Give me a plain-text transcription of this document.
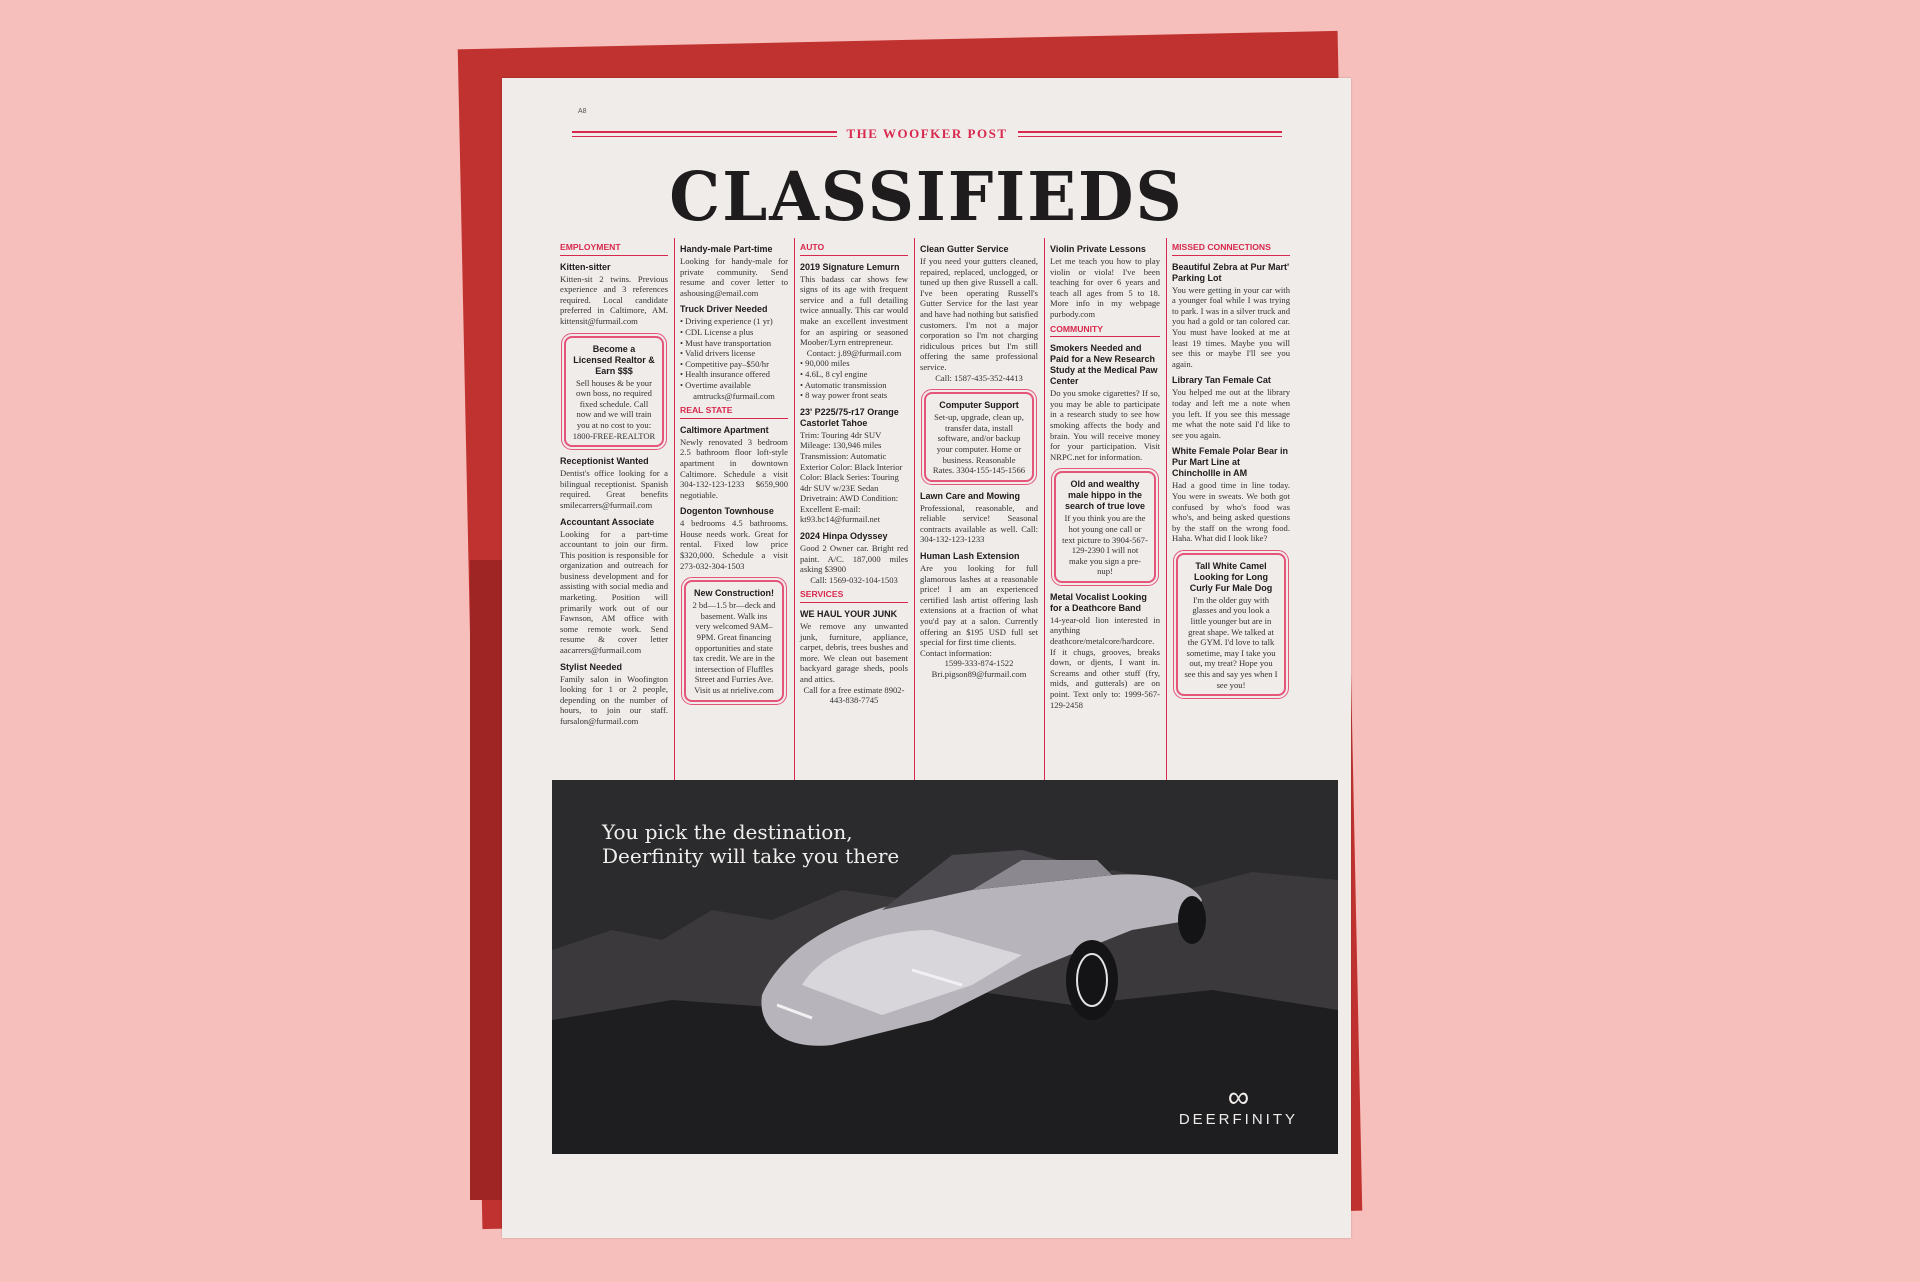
A8
THE WOOFKER POST
CLASSIFIEDS
EMPLOYMENT
Kitten-sitter
Kitten-sit 2 twins. Previous experience and 3 references required. Local candidate preferred in Caltimore, AM. kittensit@furmail.com
Become a Licensed Realtor & Earn $$$
Sell houses & be your own boss, no required fixed schedule. Call now and we will train you at no cost to you: 1800-FREE-REALTOR
Receptionist Wanted
Dentist's office looking for a bilingual receptionist. Spanish required. Great benefits smilecarrers@furmail.com
Accountant Associate
Looking for a part-time accountant to join our firm. This position is responsible for organization and outreach for business development and for assisting with social media and marketing. Position will primarily work out of our Fawnson, AM office with some remote work. Send resume & cover letter aacarrers@furmail.com
Stylist Needed
Family salon in Woofington looking for 1 or 2 people, depending on the number of hours, to join our staff. fursalon@furmail.com
Handy-male Part-time
Looking for handy-male for private community. Send resume and cover letter to ashousing@email.com
Truck Driver Needed
• Driving experience (1 yr)
• CDL License a plus
• Must have transportation
• Valid drivers license
• Competitive pay–$50/hr
• Health insurance offered
• Overtime available
amtrucks@furmail.com
REAL STATE
Caltimore Apartment
Newly renovated 3 bedroom 2.5 bathroom floor loft-style apartment in downtown Caltimore. Schedule a visit 304-132-123-1233 $659,900 negotiable.
Dogenton Townhouse
4 bedrooms 4.5 bathrooms. House needs work. Great for rental. Fixed low price $320,000. Schedule a visit 273-032-304-1503
New Construction!
2 bd—1.5 br—deck and basement. Walk ins very welcomed 9AM–9PM. Great financing opportunities and state tax credit. We are in the intersection of Fluffles Street and Furries Ave. Visit us at nrielive.com
AUTO
2019 Signature Lemurn
This badass car shows few signs of its age with frequent service and a full detailing twice annually. This car would make an excellent investment for an aspiring or seasoned Moober/Lyrn entrepreneur.
Contact: j.89@furmail.com
• 90,000 miles
• 4.6L, 8 cyl engine
• Automatic transmission
• 8 way power front seats
23' P225/75-r17 Orange Castorlet Tahoe
Trim: Touring 4dr SUV Mileage: 130,946 miles Transmission: Automatic Exterior Color: Black Interior Color: Black Series: Touring 4dr SUV w/23E Sedan Drivetrain: AWD Condition: Excellent E-mail: kt93.bc14@furmail.net
2024 Hinpa Odyssey
Good 2 Owner car. Bright red paint. A/C. 187,000 miles asking $3900
Call: 1569-032-104-1503
SERVICES
WE HAUL YOUR JUNK
We remove any unwanted junk, furniture, appliance, carpet, debris, trees bushes and more. We clean out basement backyard garage sheds, pools and attics.
Call for a free estimate 8902-443-838-7745
Clean Gutter Service
If you need your gutters cleaned, repaired, replaced, unclogged, or tuned up then give Russell a call. I've been operating Russell's Gutter Service for the last year and have had nothing but satisfied customers. I'm not a major corporation so I'm not charging ridiculous prices but I'm still offering the same professional service.
Call: 1587-435-352-4413
Computer Support
Set-up, upgrade, clean up, transfer data, install software, and/or backup your computer. Home or business. Reasonable Rates. 3304-155-145-1566
Lawn Care and Mowing
Professional, reasonable, and reliable service! Seasonal contracts available as well. Call: 304-132-123-1233
Human Lash Extension
Are you looking for full glamorous lashes at a reasonable price! I am an experienced certified lash artist offering lash extensions at a fraction of what you'd pay at a salon. Currently offering an $195 USD full set special for first time clients.
Contact information:
1599-333-874-1522
Bri.pigson89@furmail.com
Violin Private Lessons
Let me teach you how to play violin or viola! I've been teaching for over 6 years and teach all ages from 5 to 18. More info in my webpage purbody.com
COMMUNITY
Smokers Needed and Paid for a New Research Study at the Medical Paw Center
Do you smoke cigarettes? If so, you may be able to participate in a research study to see how smoking affects the body and brain. You will receive money for your participation. Visit NRPC.net for information.
Old and wealthy male hippo in the search of true love
If you think you are the hot young one call or text picture to 3904-567-129-2390 I will not make you sign a pre-nup!
Metal Vocalist Looking for a Deathcore Band
14-year-old lion interested in anything deathcore/metalcore/hardcore. If it chugs, grooves, breaks down, or djents, I want in. Screams and other stuff (fry, mids, and gutterals) are on point. Text only to: 1999-567-129-2458
MISSED CONNECTIONS
Beautiful Zebra at Pur Mart' Parking Lot
You were getting in your car with a younger foal while I was trying to park. I was in a silver truck and you had a gold or tan colored car. You must have looked at me at least 19 times. Maybe you will see this or maybe I'll see you again.
Library Tan Female Cat
You helped me out at the library today and left me a note when you left. If you see this message me what the note said I'd like to see you again.
White Female Polar Bear in Pur Mart Line at Chinchollle in AM
Had a good time in line today. You were in sweats. We both got confused by who's food was who's, and being asked questions by the staff on the wrong food. Haha. What did I look like?
Tall White Camel Looking for Long Curly Fur Male Dog
I'm the older guy with glasses and you look a little younger but are in great shape. We talked at the GYM. I'd love to talk sometime, may I take you out, my treat? Hope you see this and say yes when I see you!
You pick the destination,
Deerfinity will take you there
∞
DEERFINITY
